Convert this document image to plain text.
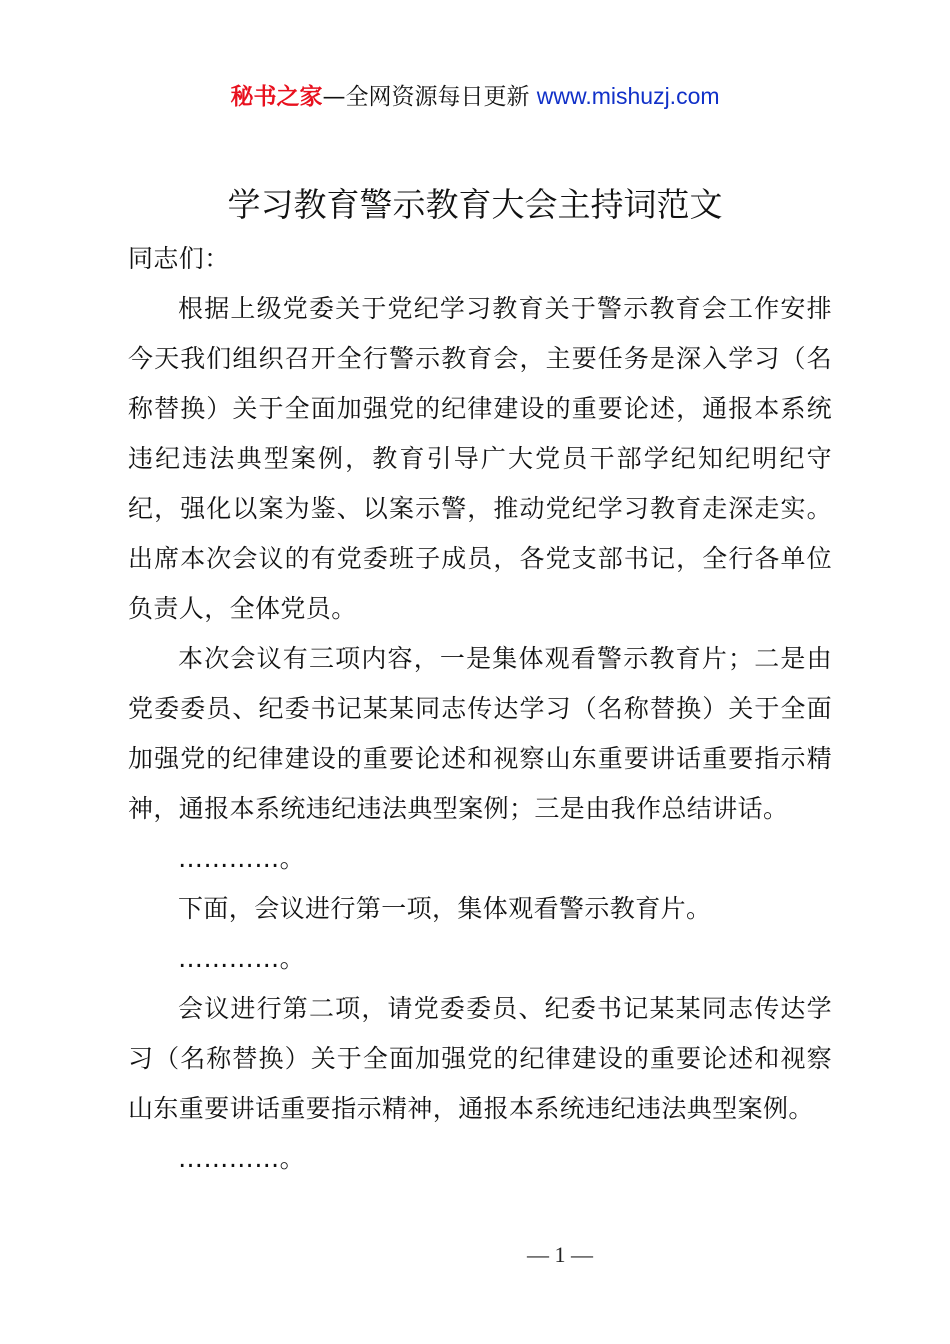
秘书之家—全网资源每日更新 www.mishuzj.com
学习教育警示教育大会主持词范文

同志们：

根据上级党委关于党纪学习教育关于警示教育会工作安排今天我们组织召开全行警示教育会，主要任务是深入学习（名称替换）关于全面加强党的纪律建设的重要论述，通报本系统违纪违法典型案例，教育引导广大党员干部学纪知纪明纪守纪，强化以案为鉴、以案示警，推动党纪学习教育走深走实。出席本次会议的有党委班子成员，各党支部书记，全行各单位负责人，全体党员。

本次会议有三项内容，一是集体观看警示教育片；二是由党委委员、纪委书记某某同志传达学习（名称替换）关于全面加强党的纪律建设的重要论述和视察山东重要讲话重要指示精神，通报本系统违纪违法典型案例；三是由我作总结讲话。

…………。

下面，会议进行第一项，集体观看警示教育片。

…………。

会议进行第二项，请党委委员、纪委书记某某同志传达学习（名称替换）关于全面加强党的纪律建设的重要论述和视察山东重要讲话重要指示精神，通报本系统违纪违法典型案例。

…………。

— 1 —
